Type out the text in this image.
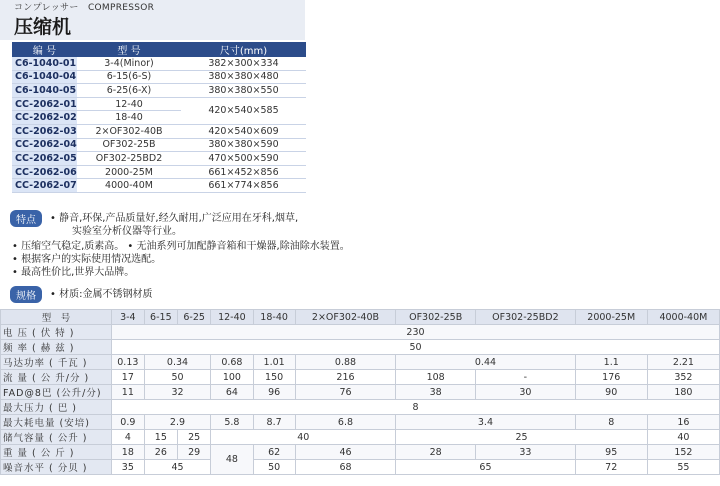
コンプレッサー　COMPRESSOR
压缩机
编 号	型 号	尺寸(mm)
C6-1040-01	3-4(Minor)	382×300×334
C6-1040-04	6-15(6-S)	380×380×480
C6-1040-05	6-25(6-X)	380×380×550
CC-2062-01	12-40	420×540×585
CC-2062-02	18-40	
CC-2062-03	2×OF302-40B	420×540×609
CC-2062-04	OF302-25B	380×380×590
CC-2062-05	OF302-25BD2	470×500×590
CC-2062-06	2000-25M	661×452×856
CC-2062-07	4000-40M	661×774×856
特点	• 静音,环保,产品质量好,经久耐用,广泛应用在牙科,烟草,
实验室分析仪器等行业。
• 压缩空气稳定,质素高。 • 无油系列可加配静音箱和干燥器,除油除水装置。
• 根据客户的实际使用情况选配。
• 最高性价比,世界大品牌。
规格	• 材质:金属不锈钢材质
型　号	3-4	6-15	6-25	12-40	18-40	2×OF302-40B	OF302-25B	OF302-25BD2	2000-25M	4000-40M
电 压 ( 伏 特 )	230									
频 率 ( 赫 兹 )	50									
马达功率 ( 千瓦 )	0.13	0.34		0.68	1.01	0.88	0.44		1.1	2.21
流 量 ( 公 升/分 )	17	50		100	150	216	108	-	176	352
FAD@8巴 (公升/分)	11	32		64	96	76	38	30	90	180
最大压力 ( 巴 )	8									
最大耗电量 (安培)	0.9	2.9		5.8	8.7	6.8	3.4		8	16
储气容量 ( 公升 )	4	15	25	40			25			40
重 量 ( 公 斤 )	18	26	29	48	62	46	28	33	95	152
噪音水平 ( 分贝 )	35	45			50	68	65		72	55
